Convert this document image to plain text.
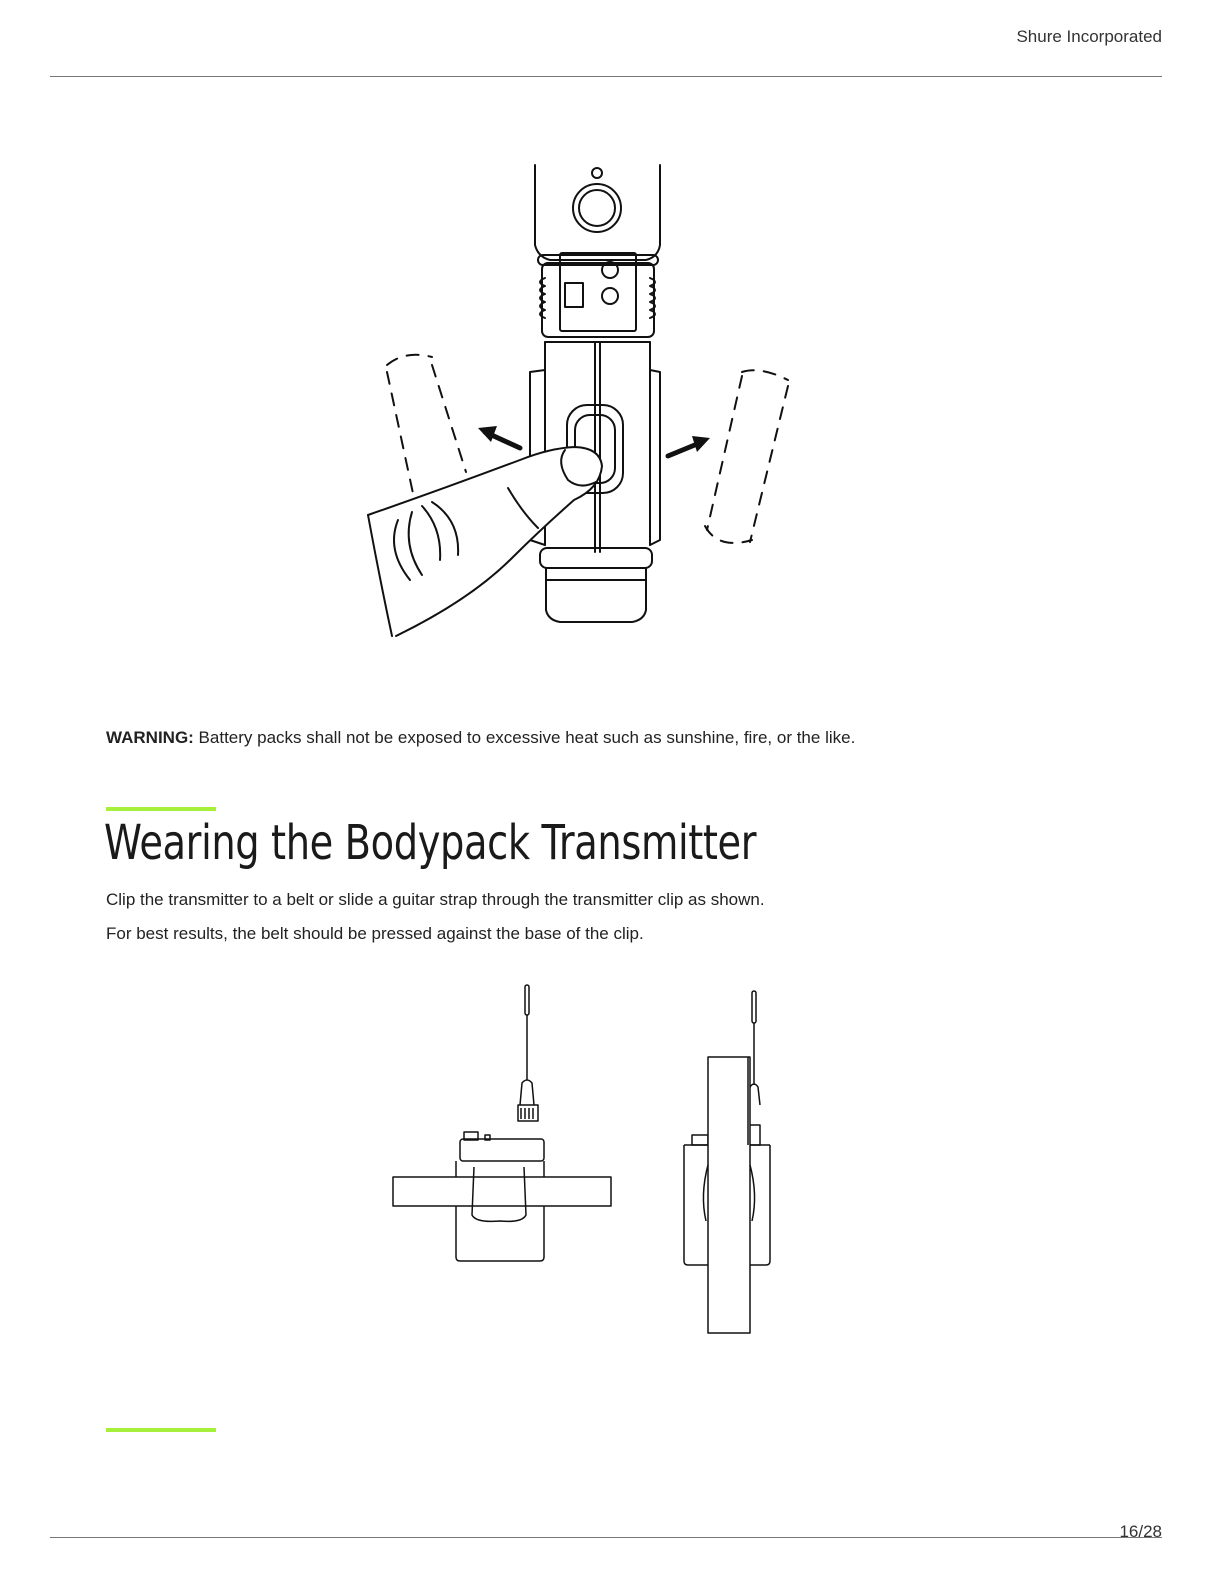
Shure Incorporated
WARNING: Battery packs shall not be exposed to excessive heat such as sunshine, fire, or the like.
Wearing the Bodypack Transmitter

Clip the transmitter to a belt or slide a guitar strap through the transmitter clip as shown.

For best results, the belt should be pressed against the base of the clip.

16/28
